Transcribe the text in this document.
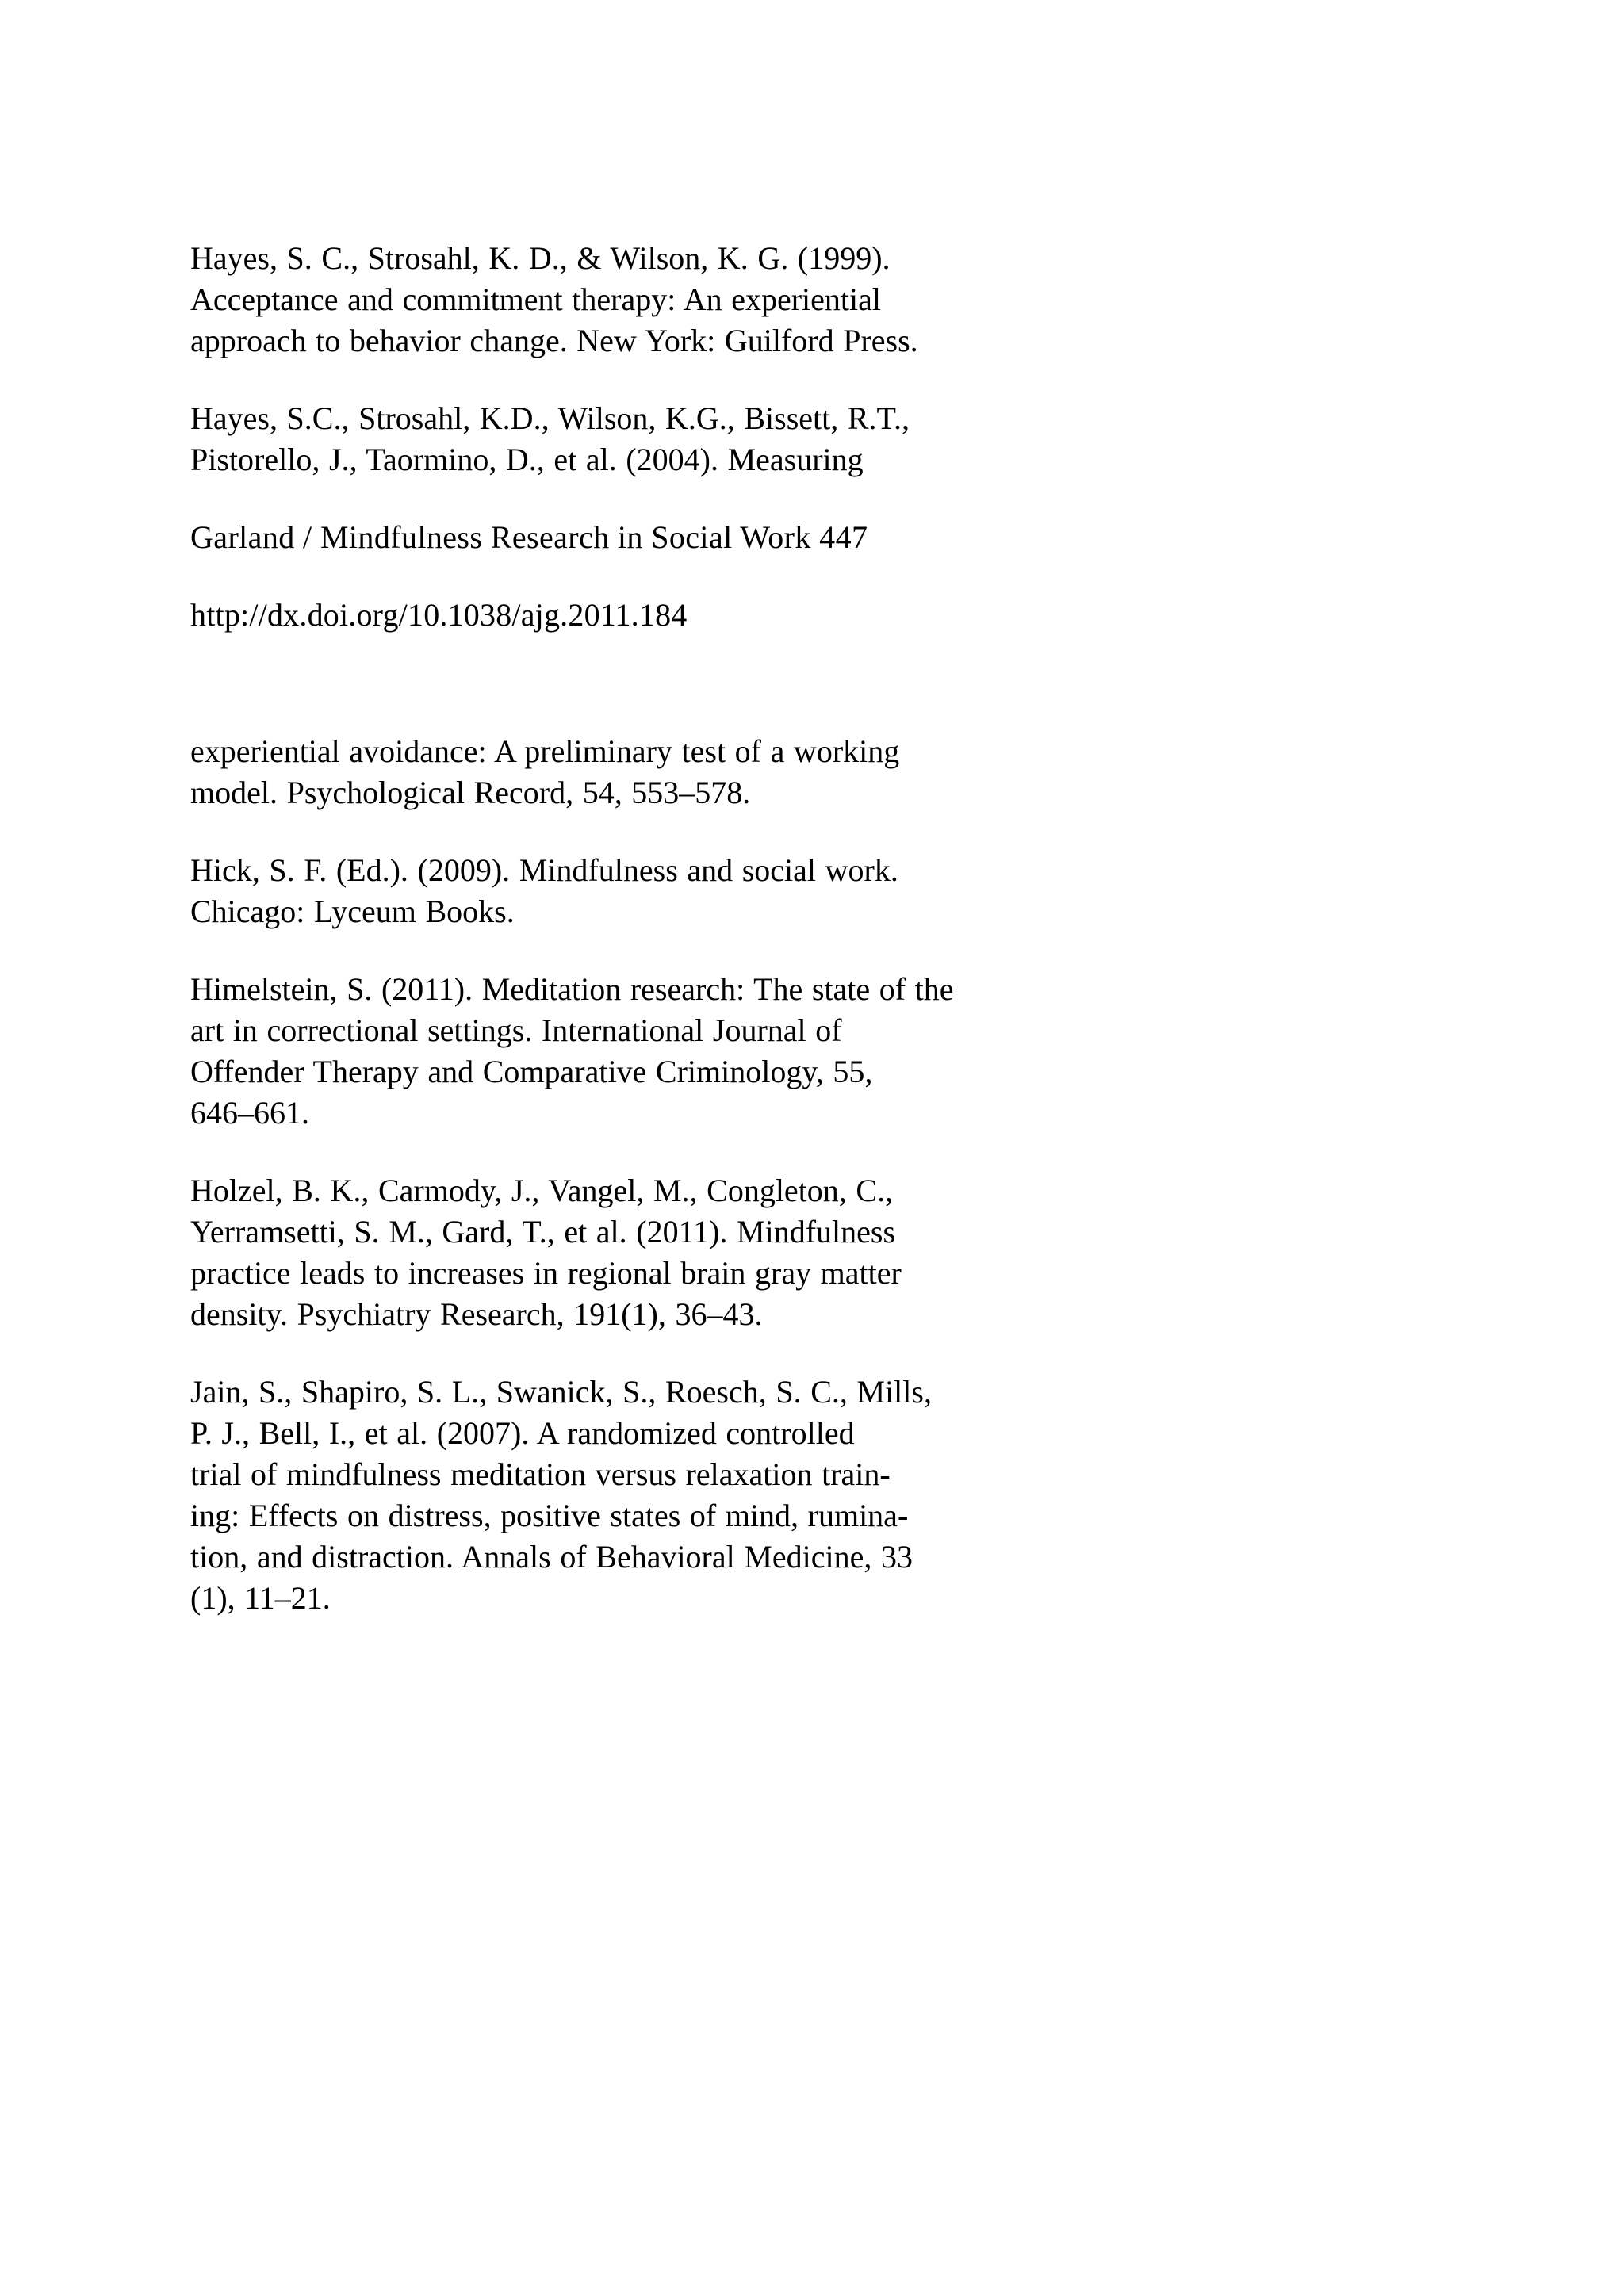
Hayes, S. C., Strosahl, K. D., & Wilson, K. G. (1999).
Acceptance and commitment therapy: An experiential
approach to behavior change. New York: Guilford Press.

Hayes, S.C., Strosahl, K.D., Wilson, K.G., Bissett, R.T.,
Pistorello, J., Taormino, D., et al. (2004). Measuring

Garland / Mindfulness Research in Social Work 447

http://dx.doi.org/10.1038/ajg.2011.184

experiential avoidance: A preliminary test of a working
model. Psychological Record, 54, 553–578.

Hick, S. F. (Ed.). (2009). Mindfulness and social work.
Chicago: Lyceum Books.

Himelstein, S. (2011). Meditation research: The state of the
art in correctional settings. International Journal of
Offender Therapy and Comparative Criminology, 55,
646–661.

Holzel, B. K., Carmody, J., Vangel, M., Congleton, C.,
Yerramsetti, S. M., Gard, T., et al. (2011). Mindfulness
practice leads to increases in regional brain gray matter
density. Psychiatry Research, 191(1), 36–43.

Jain, S., Shapiro, S. L., Swanick, S., Roesch, S. C., Mills,
P. J., Bell, I., et al. (2007). A randomized controlled
trial of mindfulness meditation versus relaxation train-
ing: Effects on distress, positive states of mind, rumina-
tion, and distraction. Annals of Behavioral Medicine, 33
(1), 11–21.
